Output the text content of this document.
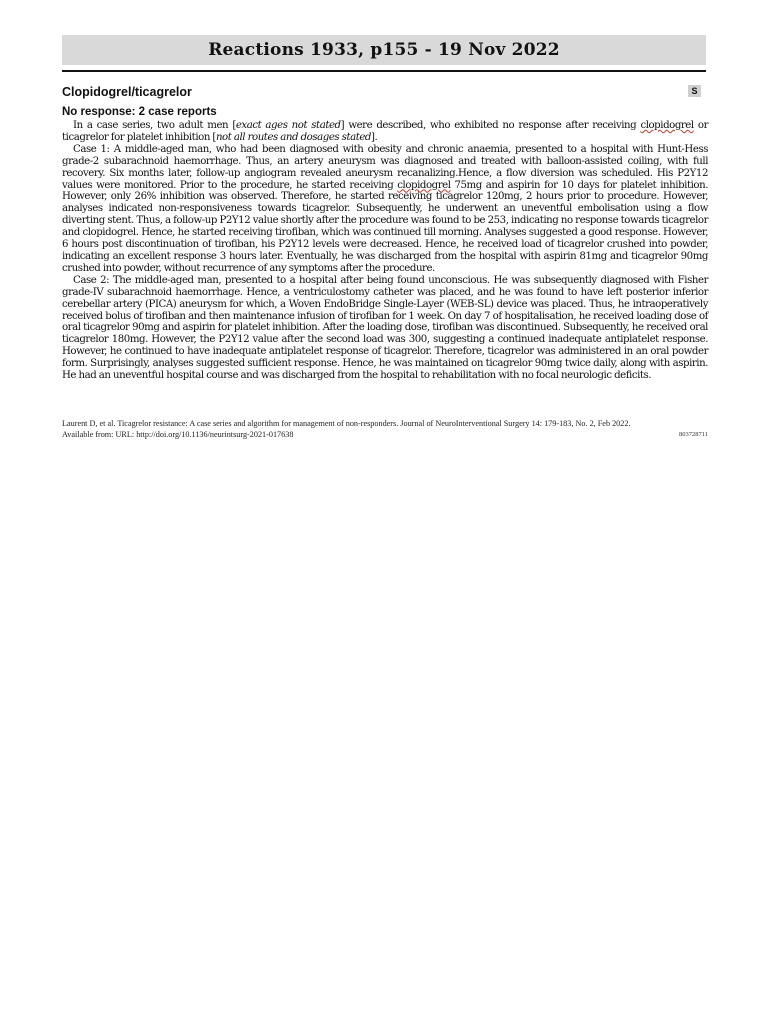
Reactions 1933, p155 - 19 Nov 2022
Clopidogrel/ticagrelor	S
No response: 2 case reports

In a case series, two adult men [exact ages not stated] were described, who exhibited no response after receiving clopidogrel or ticagrelor for platelet inhibition [not all routes and dosages stated].

Case 1: A middle-aged man, who had been diagnosed with obesity and chronic anaemia, presented to a hospital with Hunt-Hess grade-2 subarachnoid haemorrhage. Thus, an artery aneurysm was diagnosed and treated with balloon-assisted coiling, with full recovery. Six months later, follow-up angiogram revealed aneurysm recanalizing.Hence, a flow diversion was scheduled. His P2Y12 values were monitored. Prior to the procedure, he started receiving clopidogrel 75mg and aspirin for 10 days for platelet inhibition. However, only 26% inhibition was observed. Therefore, he started receiving ticagrelor 120mg, 2 hours prior to procedure. However, analyses indicated non-responsiveness towards ticagrelor. Subsequently, he underwent an uneventful embolisation using a flow diverting stent. Thus, a follow-up P2Y12 value shortly after the procedure was found to be 253, indicating no response towards ticagrelor and clopidogrel. Hence, he started receiving tirofiban, which was continued till morning. Analyses suggested a good response. However, 6 hours post discontinuation of tirofiban, his P2Y12 levels were decreased. Hence, he received load of ticagrelor crushed into powder, indicating an excellent response 3 hours later. Eventually, he was discharged from the hospital with aspirin 81mg and ticagrelor 90mg crushed into powder, without recurrence of any symptoms after the procedure.

Case 2: The middle-aged man, presented to a hospital after being found unconscious. He was subsequently diagnosed with Fisher grade-IV subarachnoid haemorrhage. Hence, a ventriculostomy catheter was placed, and he was found to have left posterior inferior cerebellar artery (PICA) aneurysm for which, a Woven EndoBridge Single-Layer (WEB-SL) device was placed. Thus, he intraoperatively received bolus of tirofiban and then maintenance infusion of tirofiban for 1 week. On day 7 of hospitalisation, he received loading dose of oral ticagrelor 90mg and aspirin for platelet inhibition. After the loading dose, tirofiban was discontinued. Subsequently, he received oral ticagrelor 180mg. However, the P2Y12 value after the second load was 300, suggesting a continued inadequate antiplatelet response. However, he continued to have inadequate antiplatelet response of ticagrelor. Therefore, ticagrelor was administered in an oral powder form. Surprisingly, analyses suggested sufficient response. Hence, he was maintained on ticagrelor 90mg twice daily, along with aspirin. He had an uneventful hospital course and was discharged from the hospital to rehabilitation with no focal neurologic deficits.

Laurent D, et al. Ticagrelor resistance: A case series and algorithm for management of non-responders. Journal of NeuroInterventional Surgery 14: 179-183, No. 2, Feb 2022.
Available from: URL: http://doi.org/10.1136/neurintsurg-2021-017638	803728711
